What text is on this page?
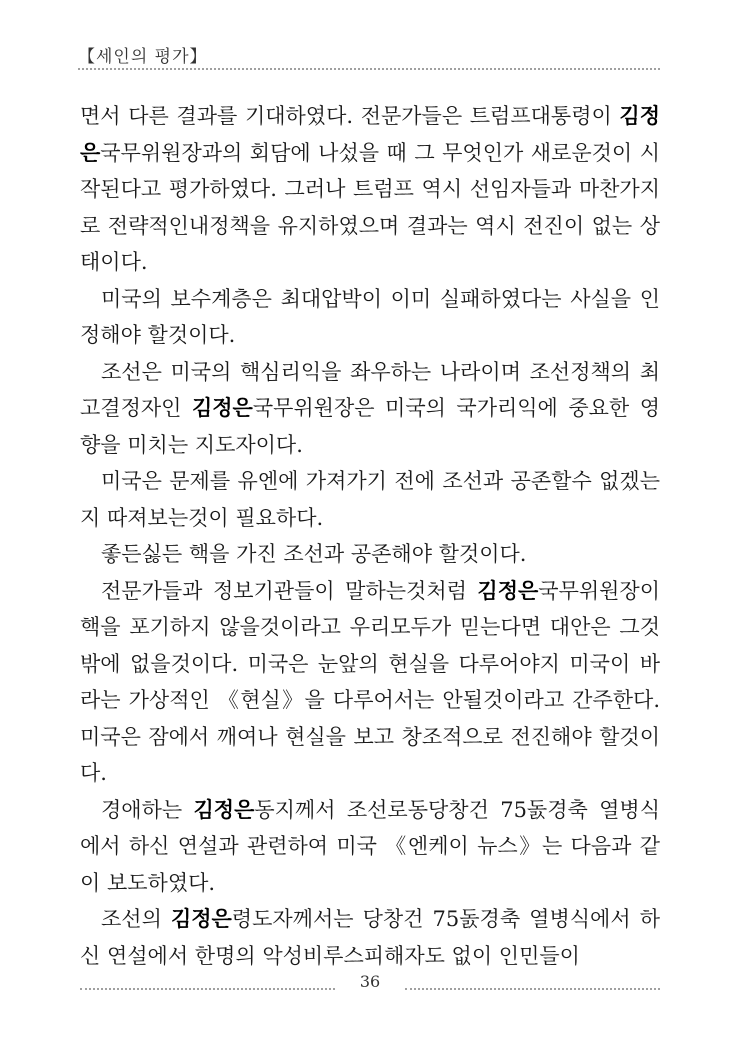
【세인의 평가】

면서 다른 결과를 기대하였다. 전문가들은 트럼프대통령이 김정은국무위원장과의 회담에 나섰을 때 그 무엇인가 새로운것이 시작된다고 평가하였다. 그러나 트럼프 역시 선임자들과 마찬가지로 전략적인내정책을 유지하였으며 결과는 역시 전진이 없는 상태이다.

미국의 보수계층은 최대압박이 이미 실패하였다는 사실을 인정해야 할것이다.

조선은 미국의 핵심리익을 좌우하는 나라이며 조선정책의 최고결정자인 김정은국무위원장은 미국의 국가리익에 중요한 영향을 미치는 지도자이다.

미국은 문제를 유엔에 가져가기 전에 조선과 공존할수 없겠는지 따져보는것이 필요하다.

좋든싫든 핵을 가진 조선과 공존해야 할것이다.

전문가들과 정보기관들이 말하는것처럼 김정은국무위원장이 핵을 포기하지 않을것이라고 우리모두가 믿는다면 대안은 그것밖에 없을것이다. 미국은 눈앞의 현실을 다루어야지 미국이 바라는 가상적인 《현실》을 다루어서는 안될것이라고 간주한다. 미국은 잠에서 깨여나 현실을 보고 창조적으로 전진해야 할것이다.

경애하는 김정은동지께서 조선로동당창건 75돐경축 열병식에서 하신 연설과 관련하여 미국 《엔케이 뉴스》는 다음과 같이 보도하였다.

조선의 김정은령도자께서는 당창건 75돐경축 열병식에서 하신 연설에서 한명의 악성비루스피해자도 없이 인민들이

36
